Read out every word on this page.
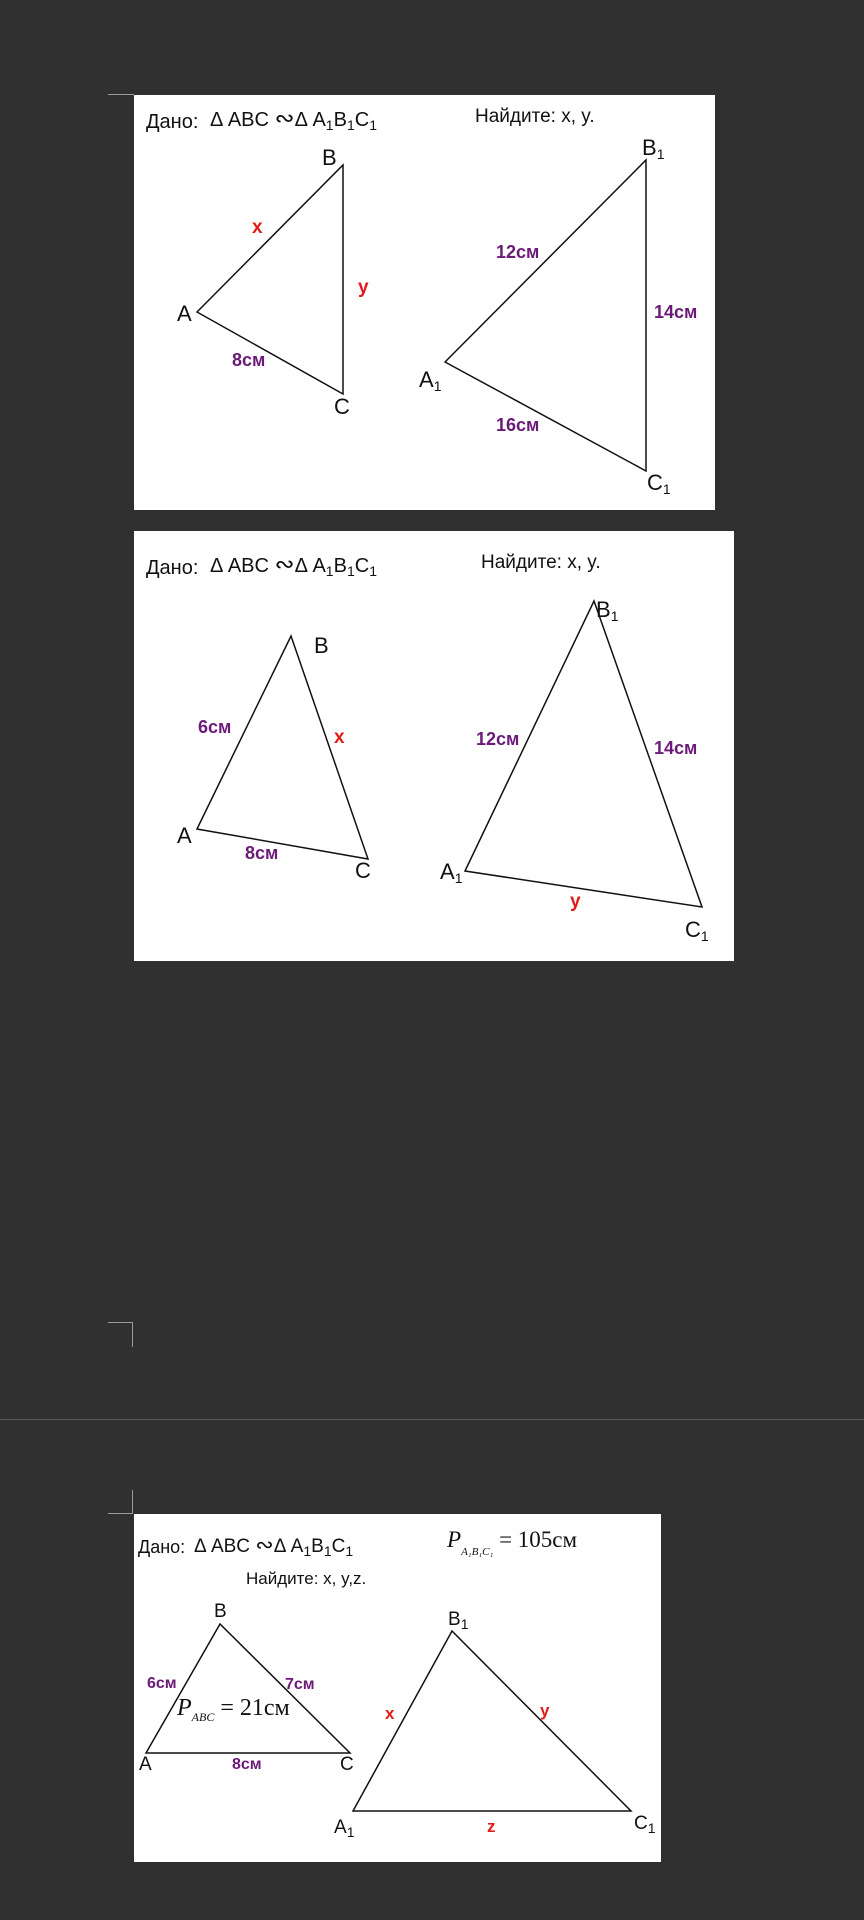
Дано: Δ ABC ∾Δ $A_1B_1C_1$	Найдите: x, y.
A
B
C
x
y
8см
$A_1$
$B_1$
$C_1$
12см
14см
16см
Дано: Δ ABC ∾Δ $A_1B_1C_1$	Найдите: x, y.
A
B
C
6см	x
8см
$A_1$
$B_1$
$C_1$
12см	14см
y
Дано: Δ ABC ∾Δ $A_1B_1C_1$	$P_{A_1B_1C_1} = 105см$
Найдите: x, y,z.
A
B
C
6см	7см
8см
$P_{ABC} = 21см$
$A_1$
$B_1$
$C_1$
x	y
z
